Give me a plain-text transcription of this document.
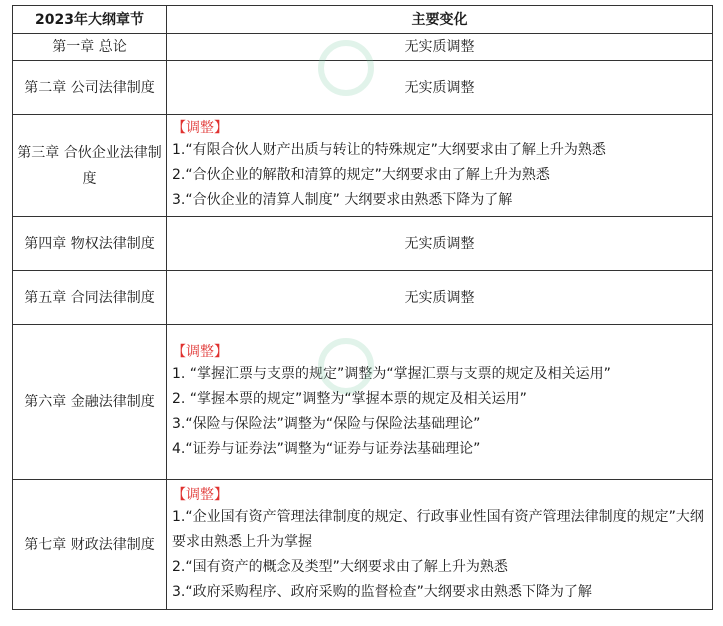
2023年大纲章节	主要变化
第一章 总论	无实质调整
第二章 公司法律制度	无实质调整
第三章 合伙企业法律制度	【调整】
1.“有限合伙人财产出质与转让的特殊规定”大纲要求由了解上升为熟悉
2.“合伙企业的解散和清算的规定”大纲要求由了解上升为熟悉
3.“合伙企业的清算人制度” 大纲要求由熟悉下降为了解

第四章 物权法律制度	无实质调整
第五章 合同法律制度	无实质调整
第六章 金融法律制度	【调整】
1. “掌握汇票与支票的规定”调整为“掌握汇票与支票的规定及相关运用”
2. “掌握本票的规定”调整为“掌握本票的规定及相关运用”
3.“保险与保险法”调整为“保险与保险法基础理论”
4.“证券与证券法”调整为“证券与证券法基础理论”

第七章 财政法律制度	【调整】
1.“企业国有资产管理法律制度的规定、行政事业性国有资产管理法律制度的规定”大纲要求由熟悉上升为掌握
2.“国有资产的概念及类型”大纲要求由了解上升为熟悉
3.“政府采购程序、政府采购的监督检查”大纲要求由熟悉下降为了解
